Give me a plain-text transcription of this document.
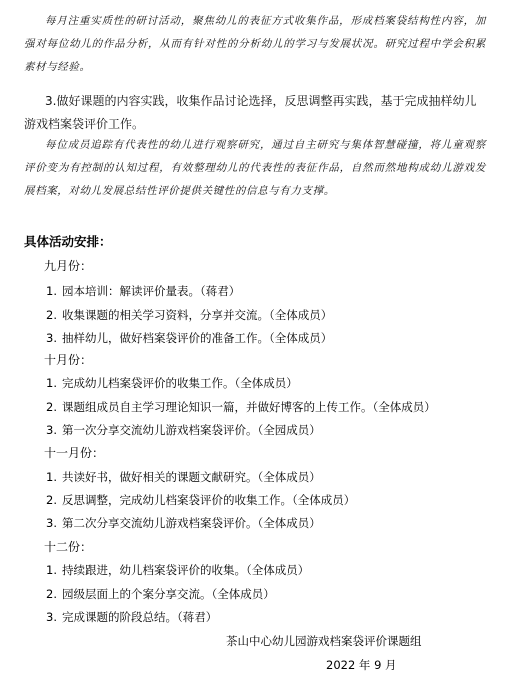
每月注重实质性的研讨活动，聚焦幼儿的表征方式收集作品，形成档案袋结构性内容，加强对每位幼儿的作品分析，从而有针对性的分析幼儿的学习与发展状况。研究过程中学会积累素材与经验。

3.做好课题的内容实践，收集作品讨论选择，反思调整再实践，基于完成抽样幼儿游戏档案袋评价工作。

每位成员追踪有代表性的幼儿进行观察研究，通过自主研究与集体智慧碰撞，将儿童观察评价变为有控制的认知过程，有效整理幼儿的代表性的表征作品，自然而然地构成幼儿游戏发展档案，对幼儿发展总结性评价提供关键性的信息与有力支撑。

具体活动安排：

九月份：

1. 园本培训：解读评价量表。（蒋君）

2. 收集课题的相关学习资料，分享并交流。（全体成员）

3. 抽样幼儿，做好档案袋评价的准备工作。（全体成员）

十月份：

1. 完成幼儿档案袋评价的收集工作。（全体成员）

2. 课题组成员自主学习理论知识一篇，并做好博客的上传工作。（全体成员）

3. 第一次分享交流幼儿游戏档案袋评价。（全园成员）

十一月份：

1. 共读好书，做好相关的课题文献研究。（全体成员）

2. 反思调整，完成幼儿档案袋评价的收集工作。（全体成员）

3. 第二次分享交流幼儿游戏档案袋评价。（全体成员）

十二份：

1. 持续跟进，幼儿档案袋评价的收集。（全体成员）

2. 园级层面上的个案分享交流。（全体成员）

3. 完成课题的阶段总结。（蒋君）

茶山中心幼儿园游戏档案袋评价课题组

2022 年 9 月
